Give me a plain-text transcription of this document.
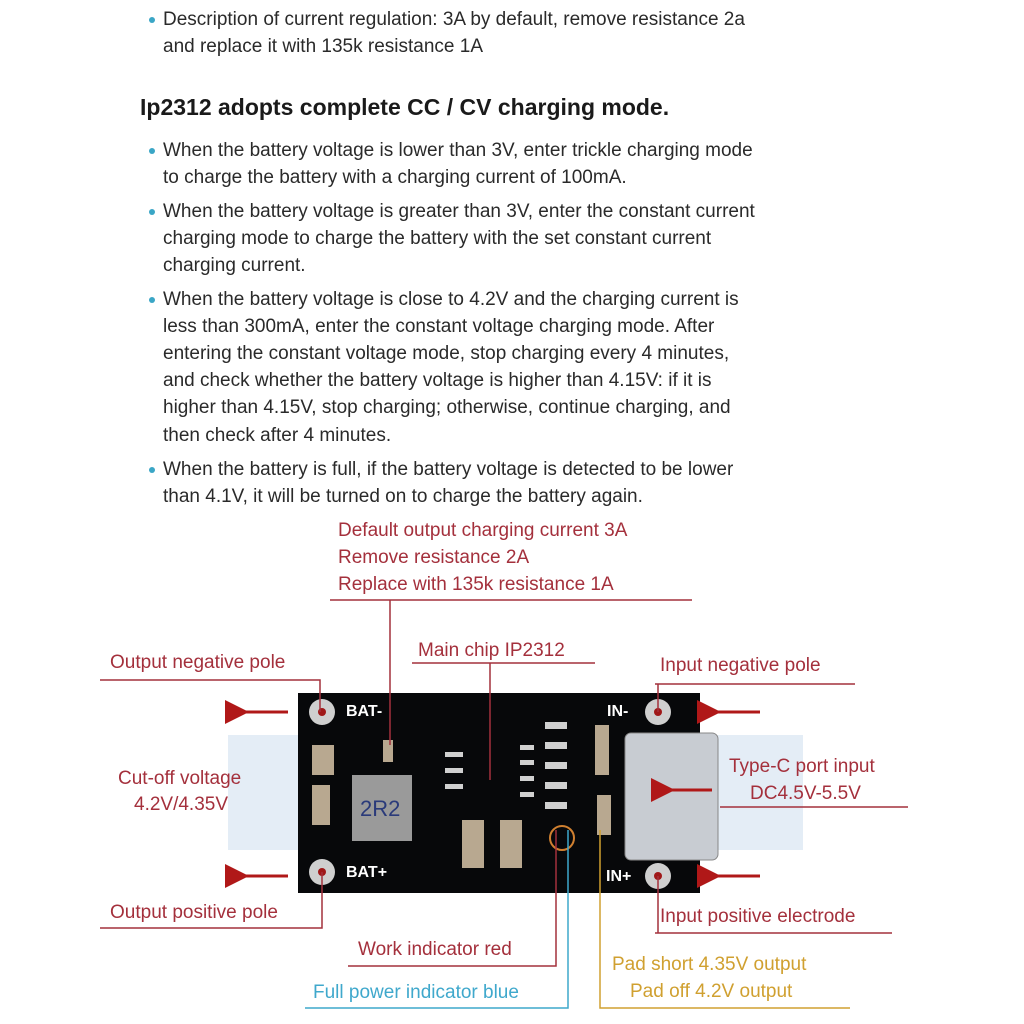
Description of current regulation: 3A by default, remove resistance 2a
and replace it with 135k resistance 1A
Ip2312 adopts complete CC / CV charging mode.
When the battery voltage is lower than 3V, enter trickle charging mode
to charge the battery with a charging current of 100mA.
When the battery voltage is greater than 3V, enter the constant current
charging mode to charge the battery with the set constant current
charging current.
When the battery voltage is close to 4.2V and the charging current is
less than 300mA, enter the constant voltage charging mode. After
entering the constant voltage mode, stop charging every 4 minutes,
and check whether the battery voltage is higher than 4.15V: if it is
higher than 4.15V, stop charging; otherwise, continue charging, and
then check after 4 minutes.
When the battery is full, if the battery voltage is detected to be lower
than 4.1V, it will be turned on to charge the battery again.
BAT-
BAT+
IN-
IN+
2R2
Default output charging current 3A
Remove resistance 2A
Replace with 135k resistance 1A
Main chip IP2312
Output negative pole	Input negative pole
Cut-off voltage
4.2V/4.35V
Type-C port input
DC4.5V-5.5V
Output positive pole	Input positive electrode
Work indicator red
Full power indicator blue
Pad short 4.35V output
Pad off 4.2V output
